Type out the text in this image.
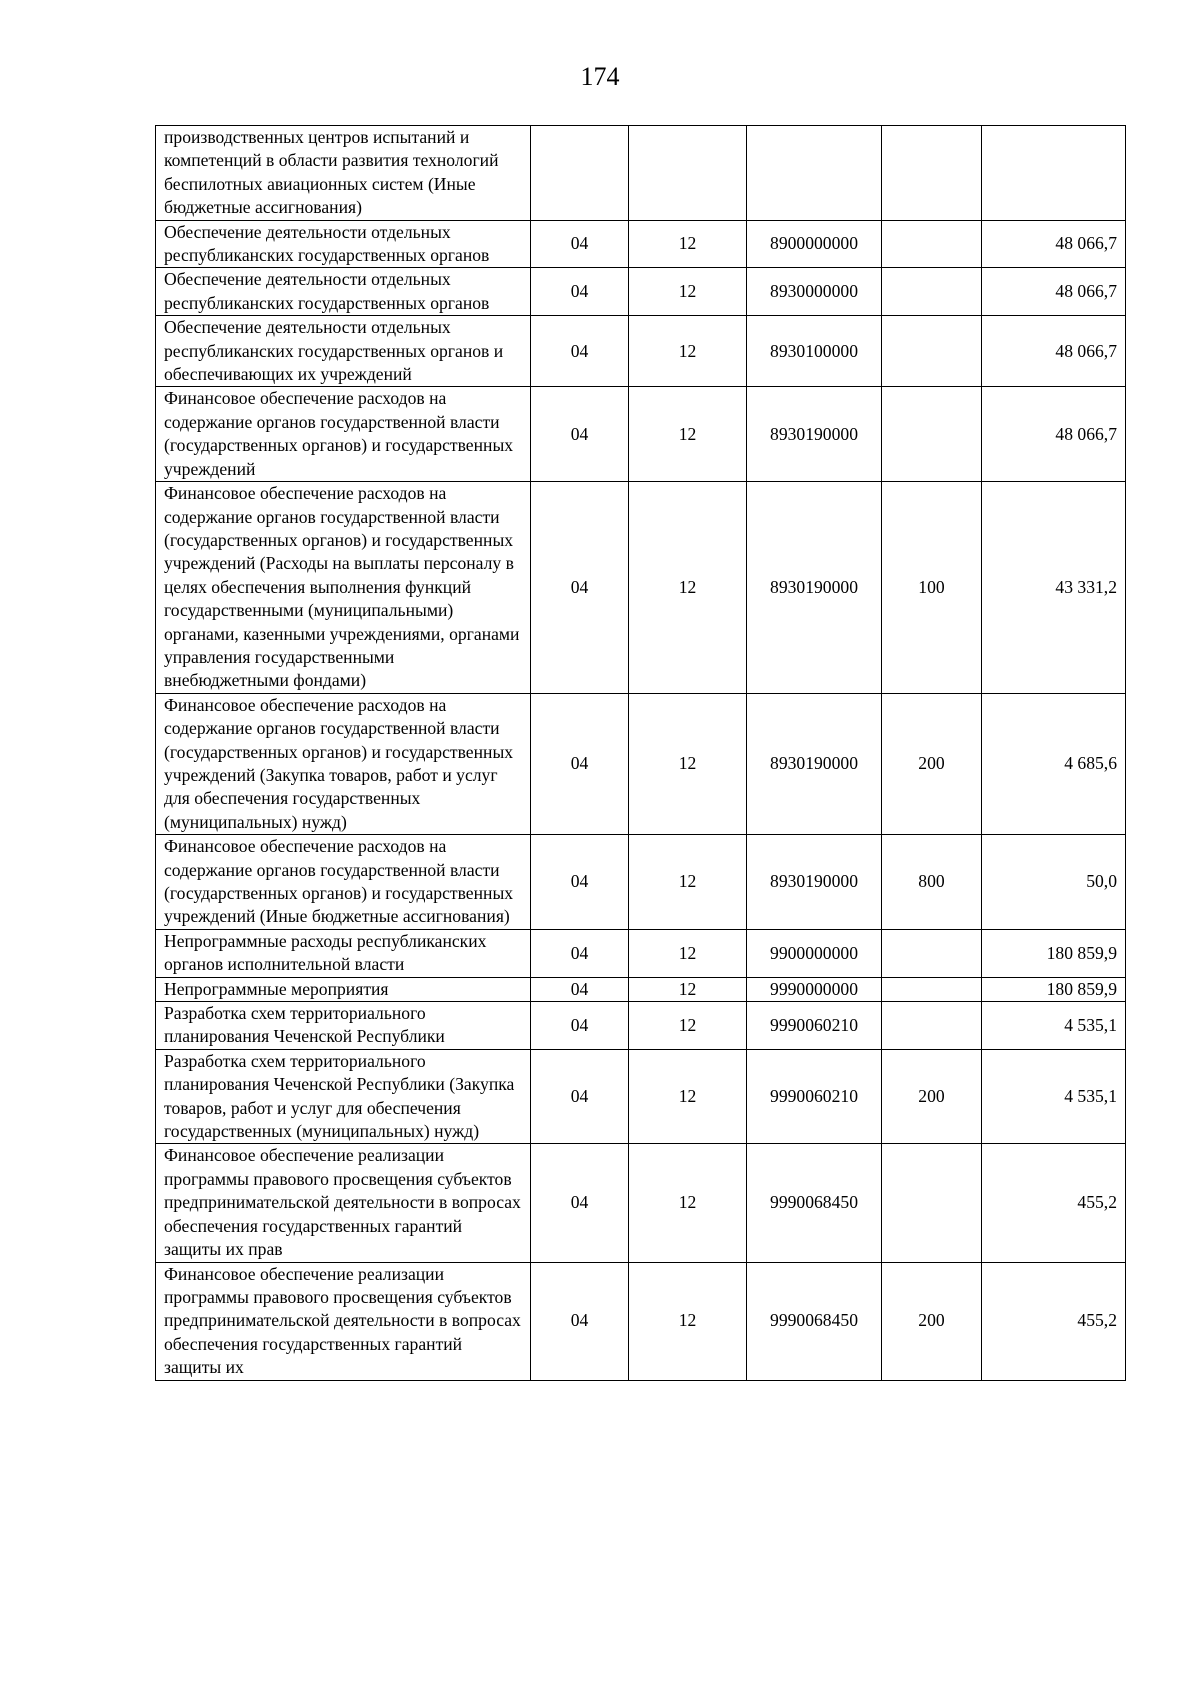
174
производственных центров испытаний и компетенций в области развития технологий беспилотных авиационных систем (Иные бюджетные ассигнования)					
Обеспечение деятельности отдельных республиканских государственных органов	04	12	8900000000		48 066,7
Обеспечение деятельности отдельных республиканских государственных органов	04	12	8930000000		48 066,7
Обеспечение деятельности отдельных республиканских государственных органов и обеспечивающих их учреждений	04	12	8930100000		48 066,7
Финансовое обеспечение расходов на содержание органов государственной власти (государственных органов) и государственных учреждений	04	12	8930190000		48 066,7
Финансовое обеспечение расходов на содержание органов государственной власти (государственных органов) и государственных учреждений (Расходы на выплаты персоналу в целях обеспечения выполнения функций государственными (муниципальными) органами, казенными учреждениями, органами управления государственными внебюджетными фондами)	04	12	8930190000	100	43 331,2
Финансовое обеспечение расходов на содержание органов государственной власти (государственных органов) и государственных учреждений (Закупка товаров, работ и услуг для обеспечения государственных (муниципальных) нужд)	04	12	8930190000	200	4 685,6
Финансовое обеспечение расходов на содержание органов государственной власти (государственных органов) и государственных учреждений (Иные бюджетные ассигнования)	04	12	8930190000	800	50,0
Непрограммные расходы республиканских органов исполнительной власти	04	12	9900000000		180 859,9
Непрограммные мероприятия	04	12	9990000000		180 859,9
Разработка схем территориального планирования Чеченской Республики	04	12	9990060210		4 535,1
Разработка схем территориального планирования Чеченской Республики (Закупка товаров, работ и услуг для обеспечения государственных (муниципальных) нужд)	04	12	9990060210	200	4 535,1
Финансовое обеспечение реализации программы правового просвещения субъектов предпринимательской деятельности в вопросах обеспечения государственных гарантий защиты их прав	04	12	9990068450		455,2
Финансовое обеспечение реализации программы правового просвещения субъектов предпринимательской деятельности в вопросах обеспечения государственных гарантий защиты их	04	12	9990068450	200	455,2
